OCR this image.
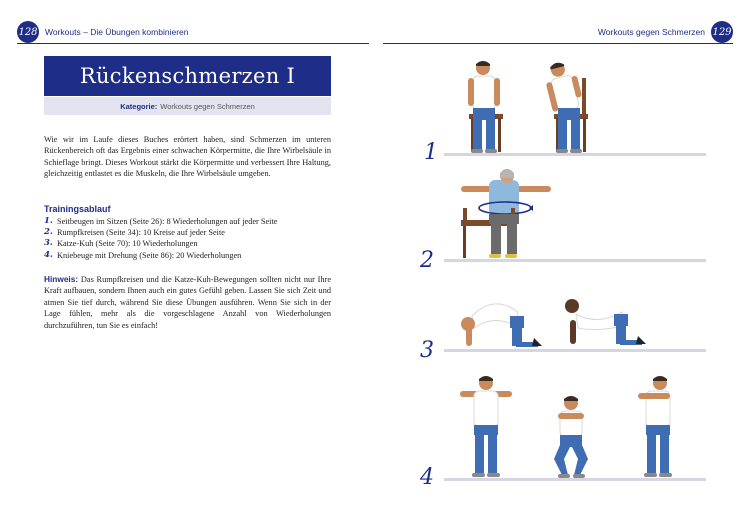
128 Workouts – Die Übungen kombinieren	Workouts gegen Schmerzen 129
Rückenschmerzen I
Kategorie: Workouts gegen Schmerzen
Wie wir im Laufe dieses Buches erörtert haben, sind Schmerzen im unteren Rückenbereich oft das Ergebnis einer schwachen Körpermitte, die Ihre Wirbelsäule in Schieflage bringt. Dieses Workout stärkt die Körpermitte und verbessert Ihre Haltung, gleichzeitig entlastet es die Muskeln, die Ihre Wirbelsäule umgeben.
Trainingsablauf
1. Seitbeugen im Sitzen (Seite 26): 8 Wiederholungen auf jeder Seite
2. Rumpfkreisen (Seite 34): 10 Kreise auf jeder Seite
3. Katze-Kuh (Seite 70): 10 Wiederholungen
4. Kniebeuge mit Drehung (Seite 86): 20 Wiederholungen
Hinweis: Das Rumpfkreisen und die Katze-Kuh-Bewegungen sollten nicht nur Ihre Kraft aufbauen, sondern Ihnen auch ein gutes Gefühl geben. Lassen Sie sich Zeit und atmen Sie tief durch, während Sie diese Übungen ausführen. Wenn Sie sich in der Lage fühlen, mehr als die vorgeschlagene Anzahl von Wiederholungen durchzuführen, tun Sie es einfach!
1
2
3
4
